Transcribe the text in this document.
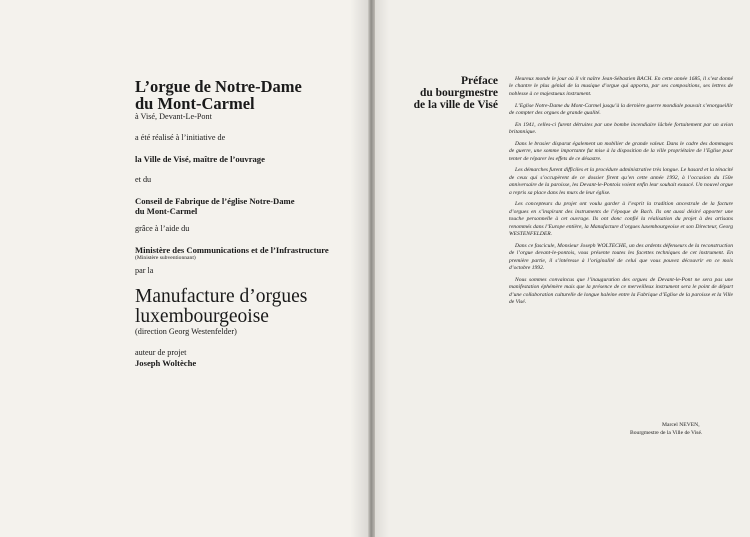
L’orgue de Notre-Dame

du Mont-Carmel

à Visé, Devant-Le-Pont

a été réalisé à l’initiative de

la Ville de Visé, maître de l’ouvrage

et du

Conseil de Fabrique de l’église Notre-Dame

du Mont-Carmel

grâce à l’aide du

Ministère des Communications et de l’Infrastructure

(Ministère subventionnant)

par la

Manufacture d’orgues

luxembourgeoise

(direction Georg Westenfelder)

auteur de projet

Joseph Woltèche

Préface
du bourgmestre
de la ville de Visé

Heureux monde le jour où il vit naître Jean-Sébastien BACH. En cette année 1685, il s’est donné le chantre le plus génial de la musique d’orgue qui apporta, par ses compositions, ses lettres de noblesse à ce majestueux instrument.

L’Eglise Notre-Dame du Mont-Carmel jusqu’à la dernière guerre mondiale pouvait s’enorgueillir de compter des orgues de grande qualité.

En 1941, celles-ci furent détruites par une bombe incendiaire lâchée fortuitement par un avion britannique.

Dans le brasier disparut également un mobilier de grande valeur. Dans le cadre des dommages de guerre, une somme importante fut mise à la disposition de la ville propriétaire de l’Eglise pour tenter de réparer les effets de ce désastre.

Les démarches furent difficiles et la procédure administrative très longue. Le hasard et la ténacité de ceux qui s’occupèrent de ce dossier firent qu’en cette année 1992, à l’occasion du 150e anniversaire de la paroisse, les Devant-le-Pontois voient enfin leur souhait exaucé. Un nouvel orgue a repris sa place dans les murs de leur église.

Les concepteurs du projet ont voulu garder à l’esprit la tradition ancestrale de la facture d’orgues en s’inspirant des instruments de l’époque de Bach. Ils ont aussi désiré apporter une touche personnelle à cet ouvrage. Ils ont donc confié la réalisation du projet à des artisans renommés dans l’Europe entière, la Manufacture d’orgues luxembourgeoise et son Directeur, Georg WESTENFELDER.

Dans ce fascicule, Monsieur Joseph WOLTECHE, un des ardents défenseurs de la reconstruction de l’orgue devant-le-pontois, vous présente toutes les facettes techniques de cet instrument. En première partie, il s’intéresse à l’originalité de celui que vous pouvez découvrir en ce mois d’octobre 1992.

Nous sommes convaincus que l’inauguration des orgues de Devant-le-Pont ne sera pas une manifestation éphémère mais que la présence de ce merveilleux instrument sera le point de départ d’une collaboration culturelle de longue haleine entre la Fabrique d’Eglise de la paroisse et la Ville de Visé.

Marcel NEVEN,
Bourgmestre de la Ville de Visé.
